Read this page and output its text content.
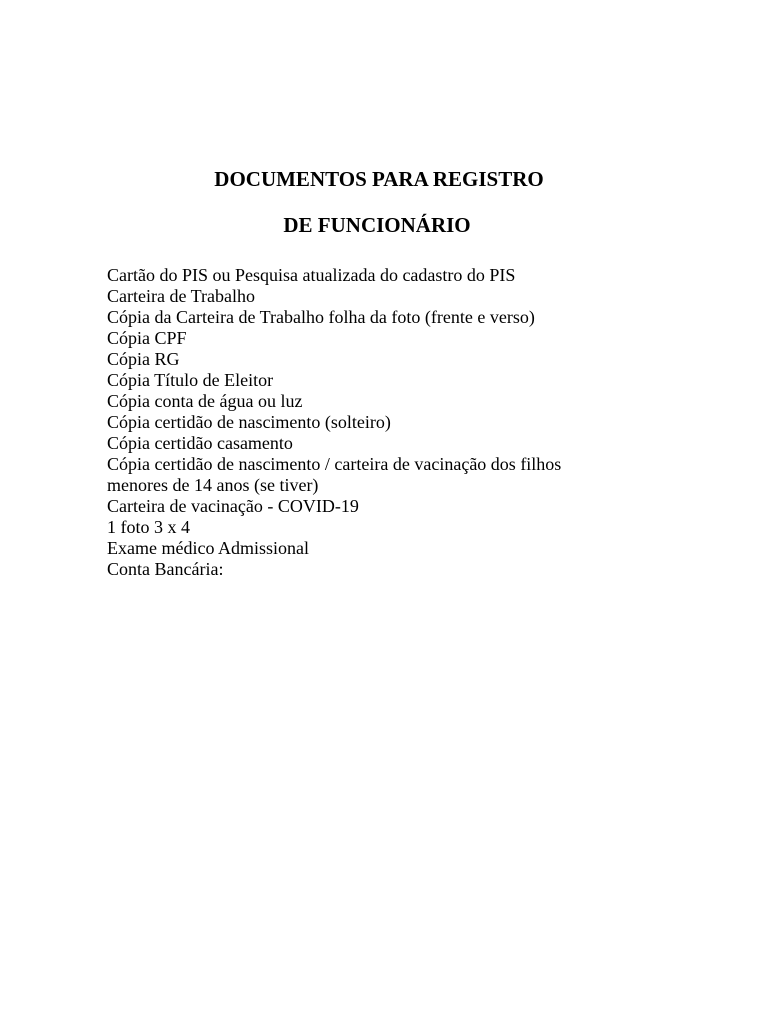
DOCUMENTOS PARA REGISTRO
DE FUNCIONÁRIO
Cartão do PIS ou Pesquisa atualizada do cadastro do PIS
Carteira de Trabalho
Cópia da Carteira de Trabalho folha da foto (frente e verso)
Cópia CPF
Cópia RG
Cópia Título de Eleitor
Cópia conta de água ou luz
Cópia certidão de nascimento (solteiro)
Cópia certidão casamento
Cópia certidão de nascimento / carteira de vacinação dos filhos
menores de 14 anos (se tiver)
Carteira de vacinação - COVID-19
1 foto 3 x 4
Exame médico Admissional
Conta Bancária:
